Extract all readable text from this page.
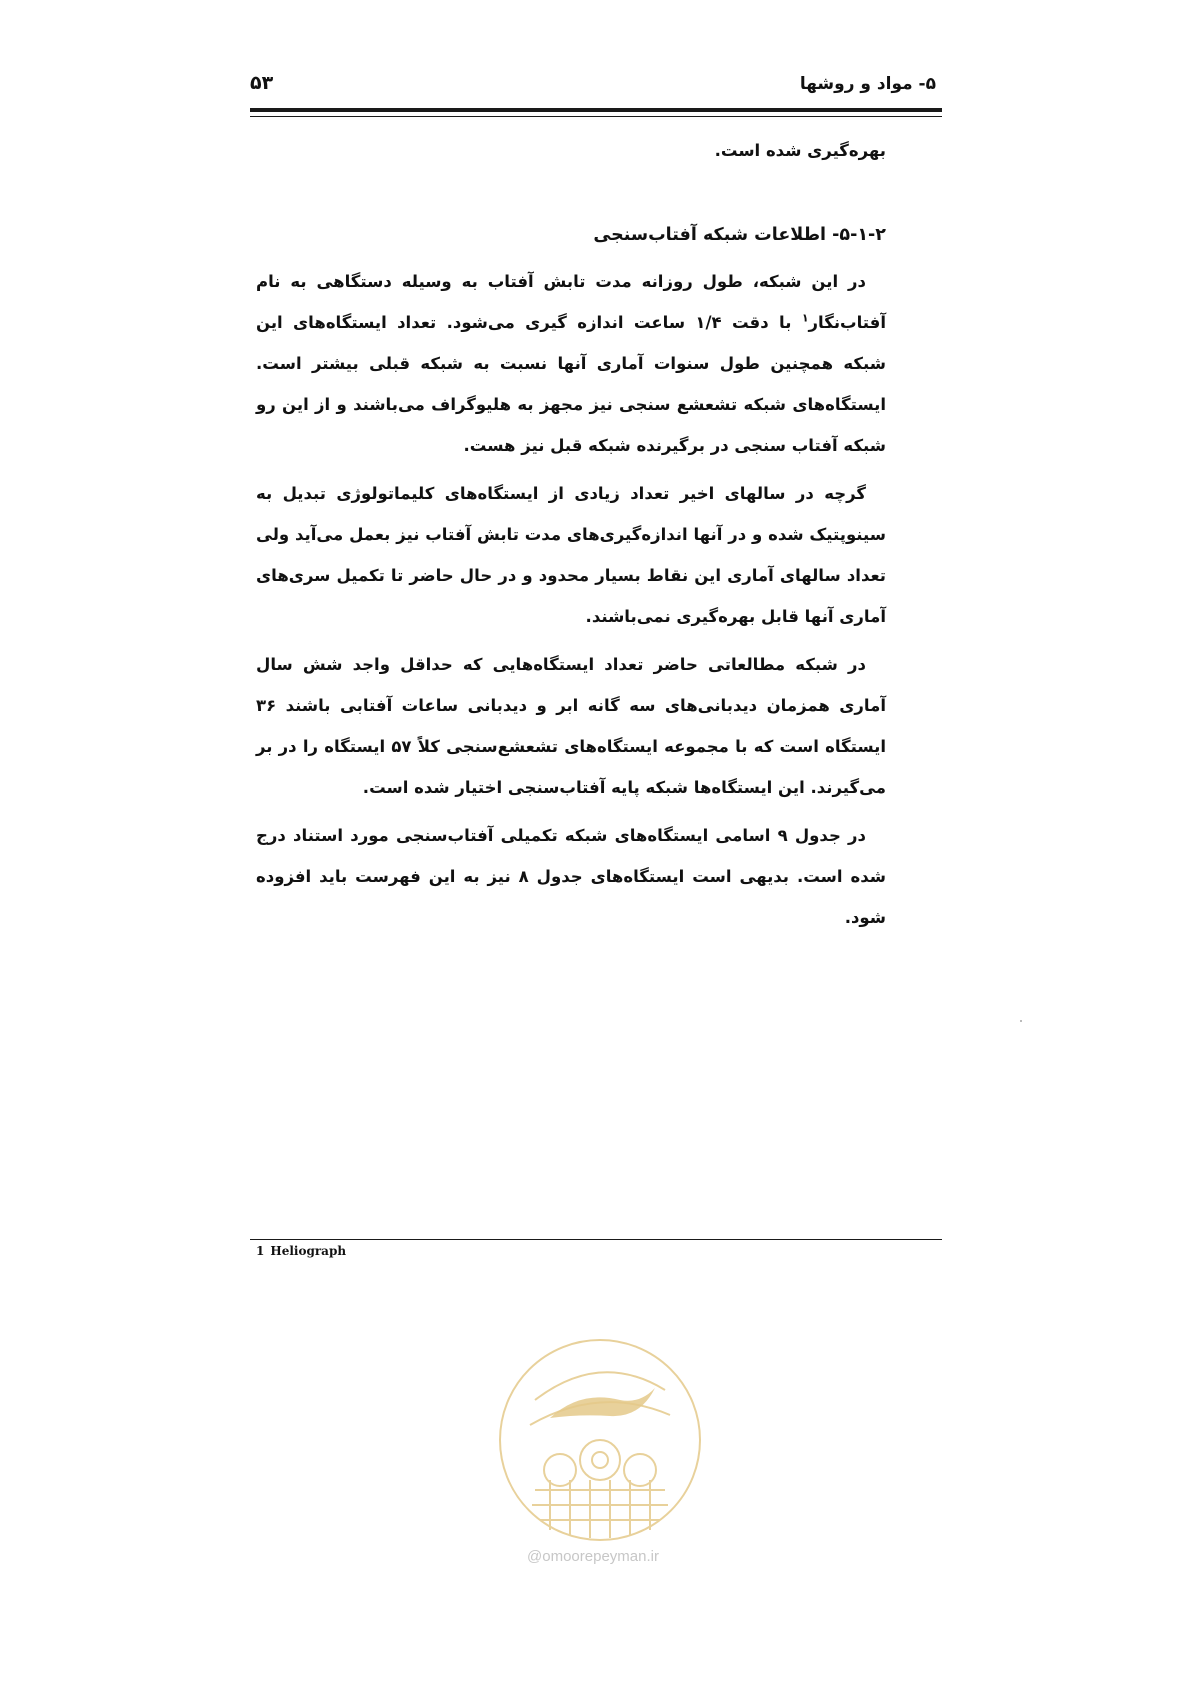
۵۳	۵- مواد و روشها

بهره‌گیری شده است.

۵-۱-۲- اطلاعات شبکه آفتاب‌سنجی

در این شبکه، طول روزانه مدت تابش آفتاب به وسیله دستگاهی به نام آفتاب‌نگار$^۱$ با دقت ۱/۴ ساعت اندازه گیری می‌شود. تعداد ایستگاه‌های این شبکه همچنین طول سنوات آماری آنها نسبت به شبکه قبلی بیشتر است. ایستگاه‌های شبکه تشعشع سنجی نیز مجهز به هلیوگراف می‌باشند و از این رو شبکه آفتاب سنجی در برگیرنده شبکه قبل نیز هست.

گرچه در سالهای اخیر تعداد زیادی از ایستگاه‌های کلیماتولوژی تبدیل به سینوپتیک شده و در آنها اندازه‌گیری‌های مدت تابش آفتاب نیز بعمل می‌آید ولی تعداد سالهای آماری این نقاط بسیار محدود و در حال حاضر تا تکمیل سری‌های آماری آنها قابل بهره‌گیری نمی‌باشند.

در شبکه مطالعاتی حاضر تعداد ایستگاه‌هایی که حداقل واجد شش سال آماری همزمان دیدبانی‌های سه گانه ابر و دیدبانی ساعات آفتابی باشند ۳۶ ایستگاه است که با مجموعه ایستگاه‌های تشعشع‌سنجی کلاً ۵۷ ایستگاه را در بر می‌گیرند. این ایستگاه‌ها شبکه پایه آفتاب‌سنجی اختیار شده است.

در جدول ۹ اسامی ایستگاه‌های شبکه تکمیلی آفتاب‌سنجی مورد استناد درج شده است. بدیهی است ایستگاه‌های جدول ۸ نیز به این فهرست باید افزوده شود.

1 Heliograph
@omoorepeyman.ir
